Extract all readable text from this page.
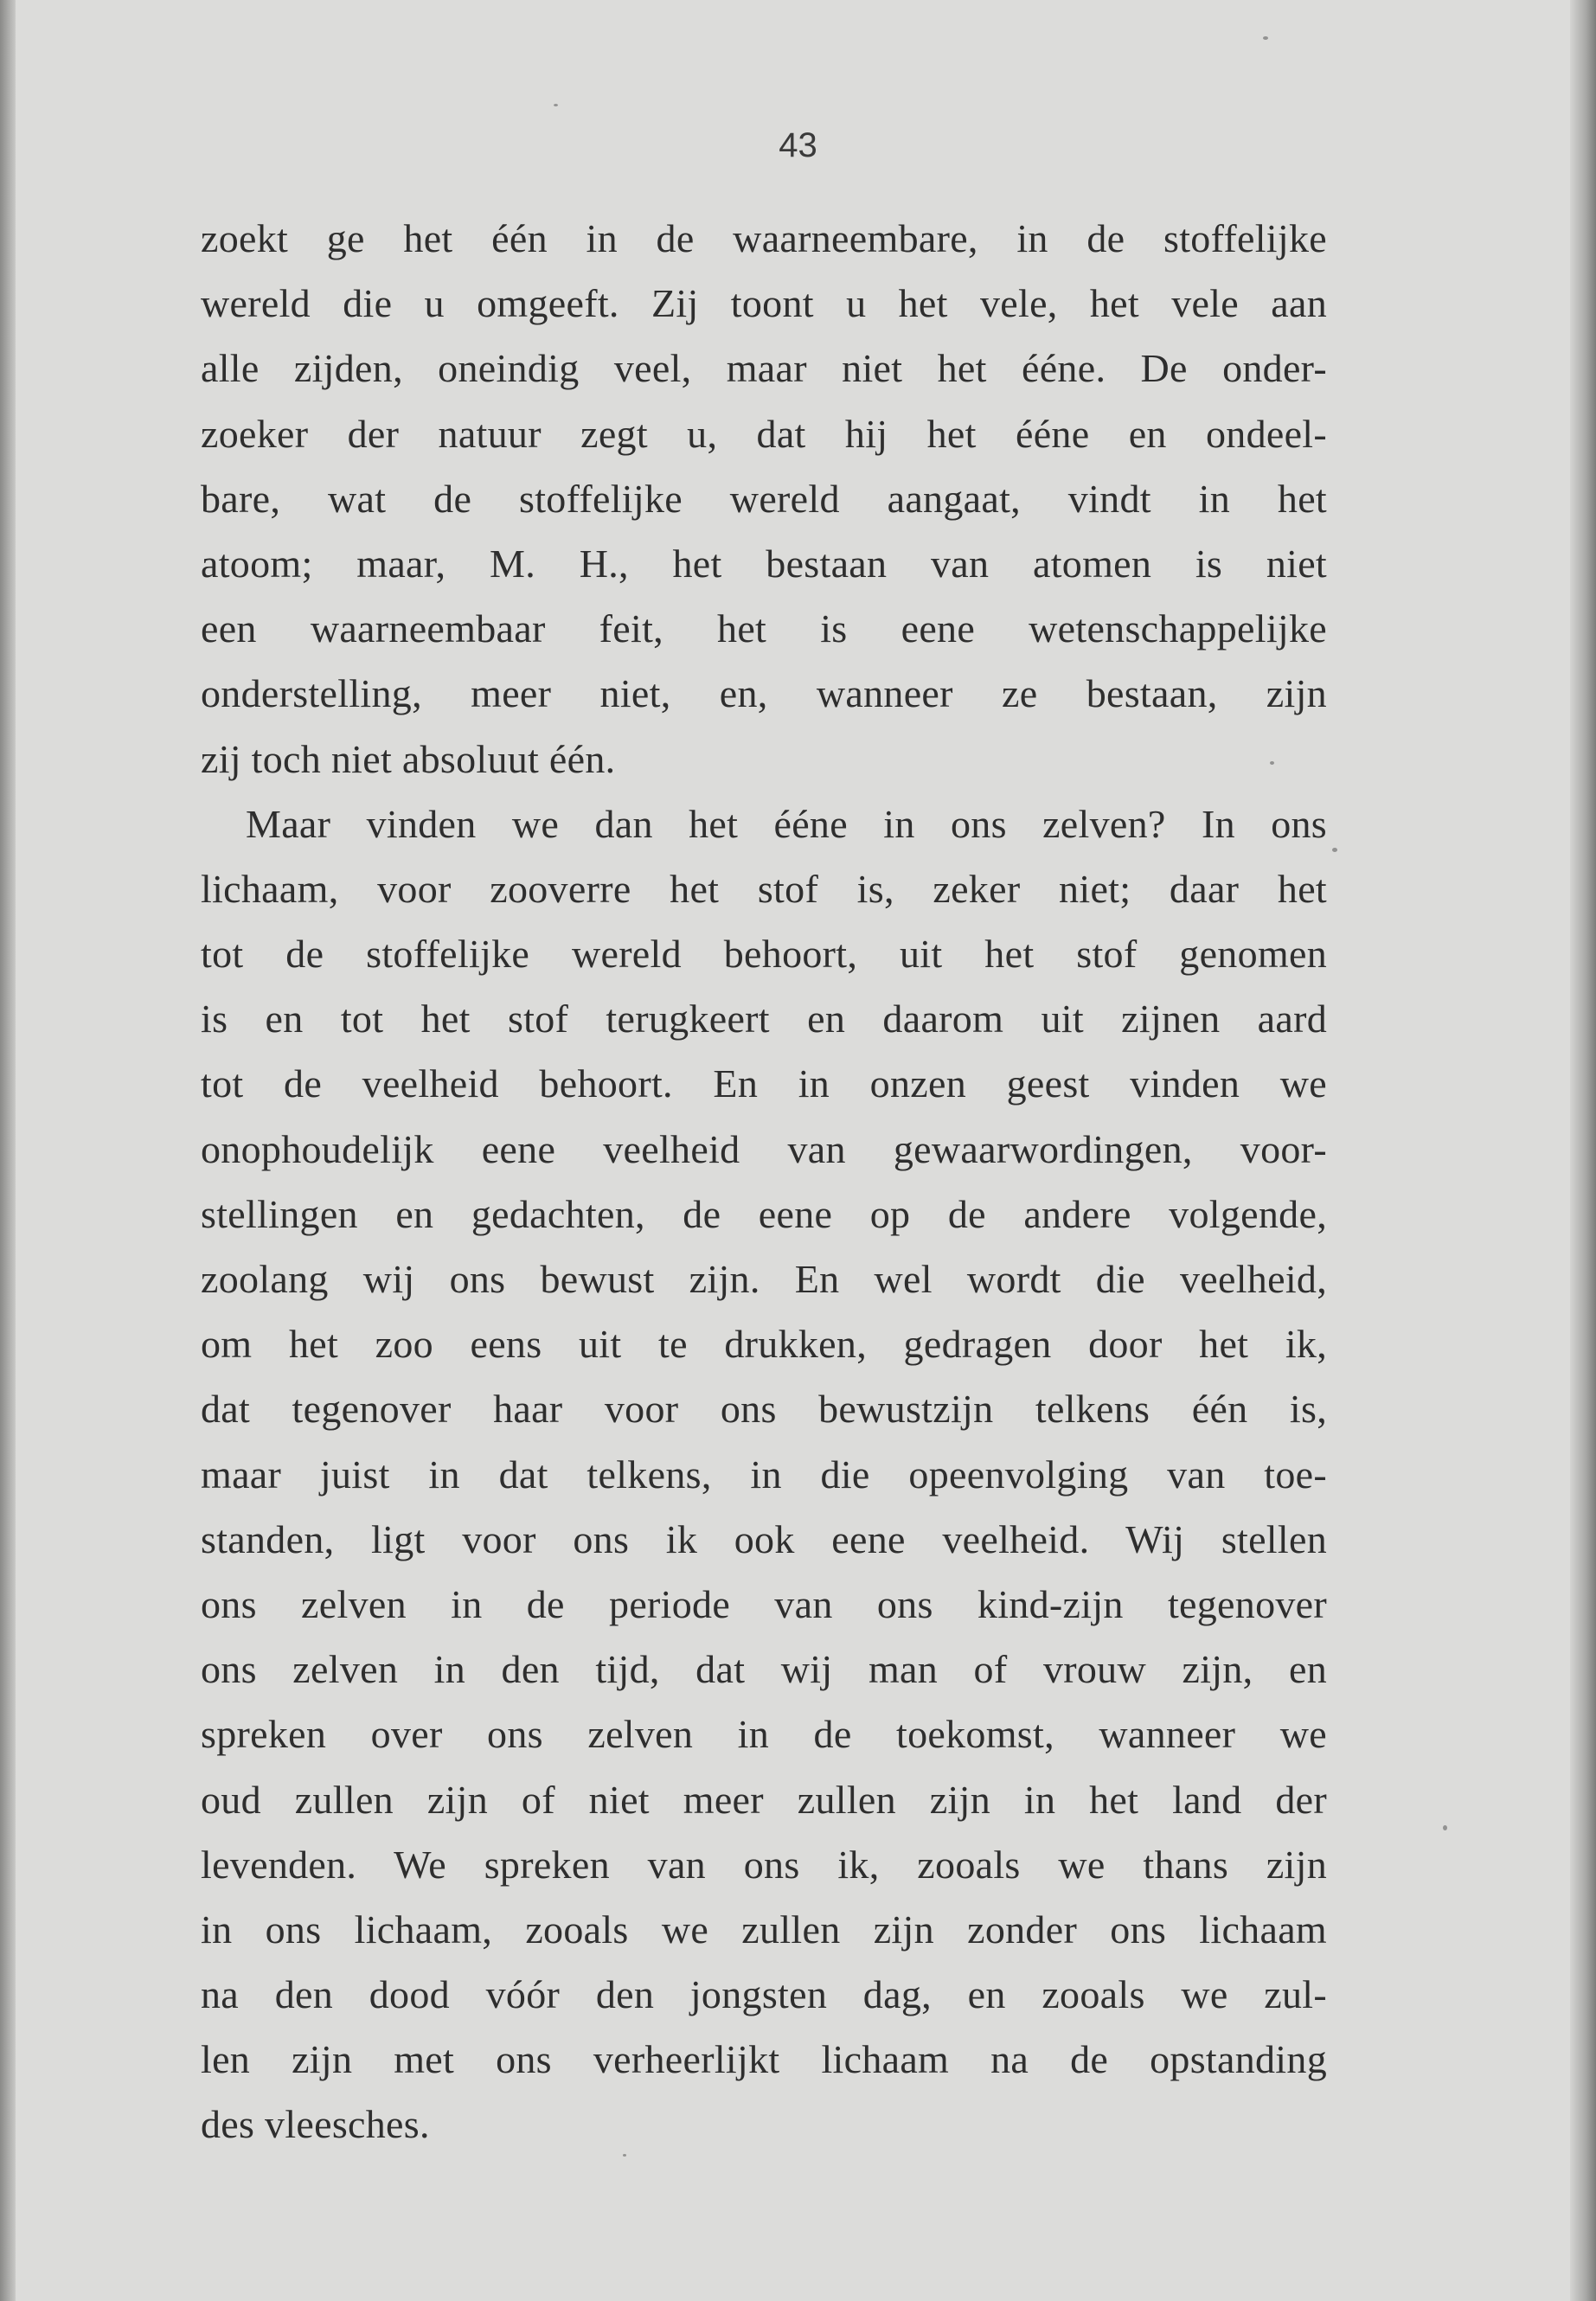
43
zoekt ge het één in de waarneembare, in de stoffelijke
wereld die u omgeeft. Zij toont u het vele, het vele aan
alle zijden, oneindig veel, maar niet het ééne. De onder-
zoeker der natuur zegt u, dat hij het ééne en ondeel-
bare, wat de stoffelijke wereld aangaat, vindt in het
atoom; maar, M. H., het bestaan van atomen is niet
een waarneembaar feit, het is eene wetenschappelijke
onderstelling, meer niet, en, wanneer ze bestaan, zijn
zij toch niet absoluut één.
Maar vinden we dan het ééne in ons zelven? In ons
lichaam, voor zooverre het stof is, zeker niet; daar het
tot de stoffelijke wereld behoort, uit het stof genomen
is en tot het stof terugkeert en daarom uit zijnen aard
tot de veelheid behoort. En in onzen geest vinden we
onophoudelijk eene veelheid van gewaarwordingen, voor-
stellingen en gedachten, de eene op de andere volgende,
zoolang wij ons bewust zijn. En wel wordt die veelheid,
om het zoo eens uit te drukken, gedragen door het ik,
dat tegenover haar voor ons bewustzijn telkens één is,
maar juist in dat telkens, in die opeenvolging van toe-
standen, ligt voor ons ik ook eene veelheid. Wij stellen
ons zelven in de periode van ons kind-zijn tegenover
ons zelven in den tijd, dat wij man of vrouw zijn, en
spreken over ons zelven in de toekomst, wanneer we
oud zullen zijn of niet meer zullen zijn in het land der
levenden. We spreken van ons ik, zooals we thans zijn
in ons lichaam, zooals we zullen zijn zonder ons lichaam
na den dood vóór den jongsten dag, en zooals we zul-
len zijn met ons verheerlijkt lichaam na de opstanding
des vleesches.
